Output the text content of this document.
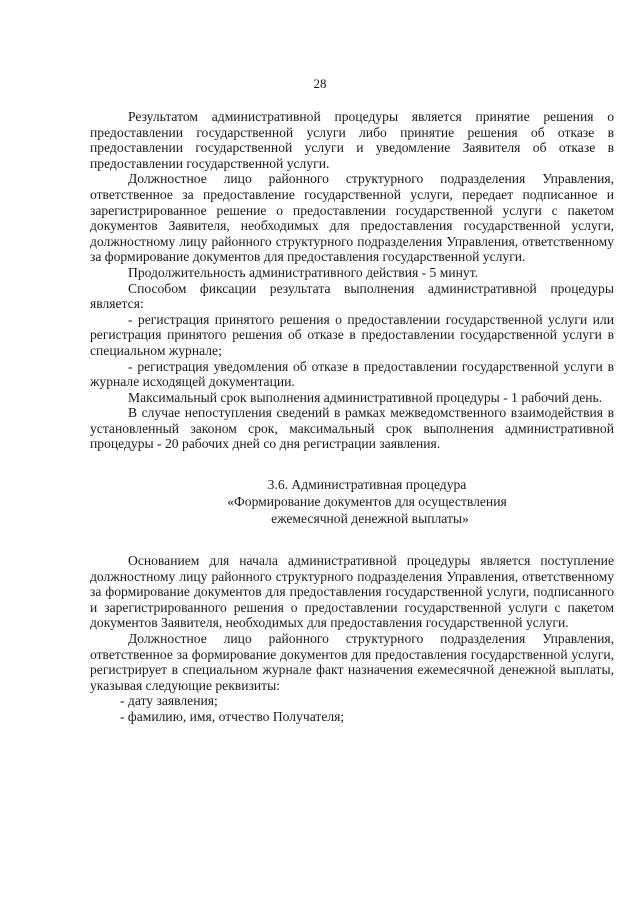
28

Результатом административной процедуры является принятие решения о предоставлении государственной услуги либо принятие решения об отказе в предоставлении государственной услуги и уведомление Заявителя об отказе в предоставлении государственной услуги.

Должностное лицо районного структурного подразделения Управления, ответственное за предоставление государственной услуги, передает подписанное и зарегистрированное решение о предоставлении государственной услуги с пакетом документов Заявителя, необходимых для предоставления государственной услуги, должностному лицу районного структурного подразделения Управления, ответственному за формирование документов для предоставления государственной услуги.

Продолжительность административного действия - 5 минут.

Способом фиксации результата выполнения административной процедуры является:

- регистрация принятого решения о предоставлении государственной услуги или регистрация принятого решения об отказе в предоставлении государственной услуги в специальном журнале;

- регистрация уведомления об отказе в предоставлении государственной услуги в журнале исходящей документации.

Максимальный срок выполнения административной процедуры - 1 рабочий день.

В случае непоступления сведений в рамках межведомственного взаимодействия в установленный законом срок, максимальный срок выполнения административной процедуры - 20 рабочих дней со дня регистрации заявления.

3.6. Административная процедура
«Формирование документов для осуществления
ежемесячной денежной выплаты»

Основанием для начала административной процедуры является поступление должностному лицу районного структурного подразделения Управления, ответственному за формирование документов для предоставления государственной услуги, подписанного и зарегистрированного решения о предоставлении государственной услуги с пакетом документов Заявителя, необходимых для предоставления государственной услуги.

Должностное лицо районного структурного подразделения Управления, ответственное за формирование документов для предоставления государственной услуги, регистрирует в специальном журнале факт назначения ежемесячной денежной выплаты, указывая следующие реквизиты:

- дату заявления;

- фамилию, имя, отчество Получателя;
